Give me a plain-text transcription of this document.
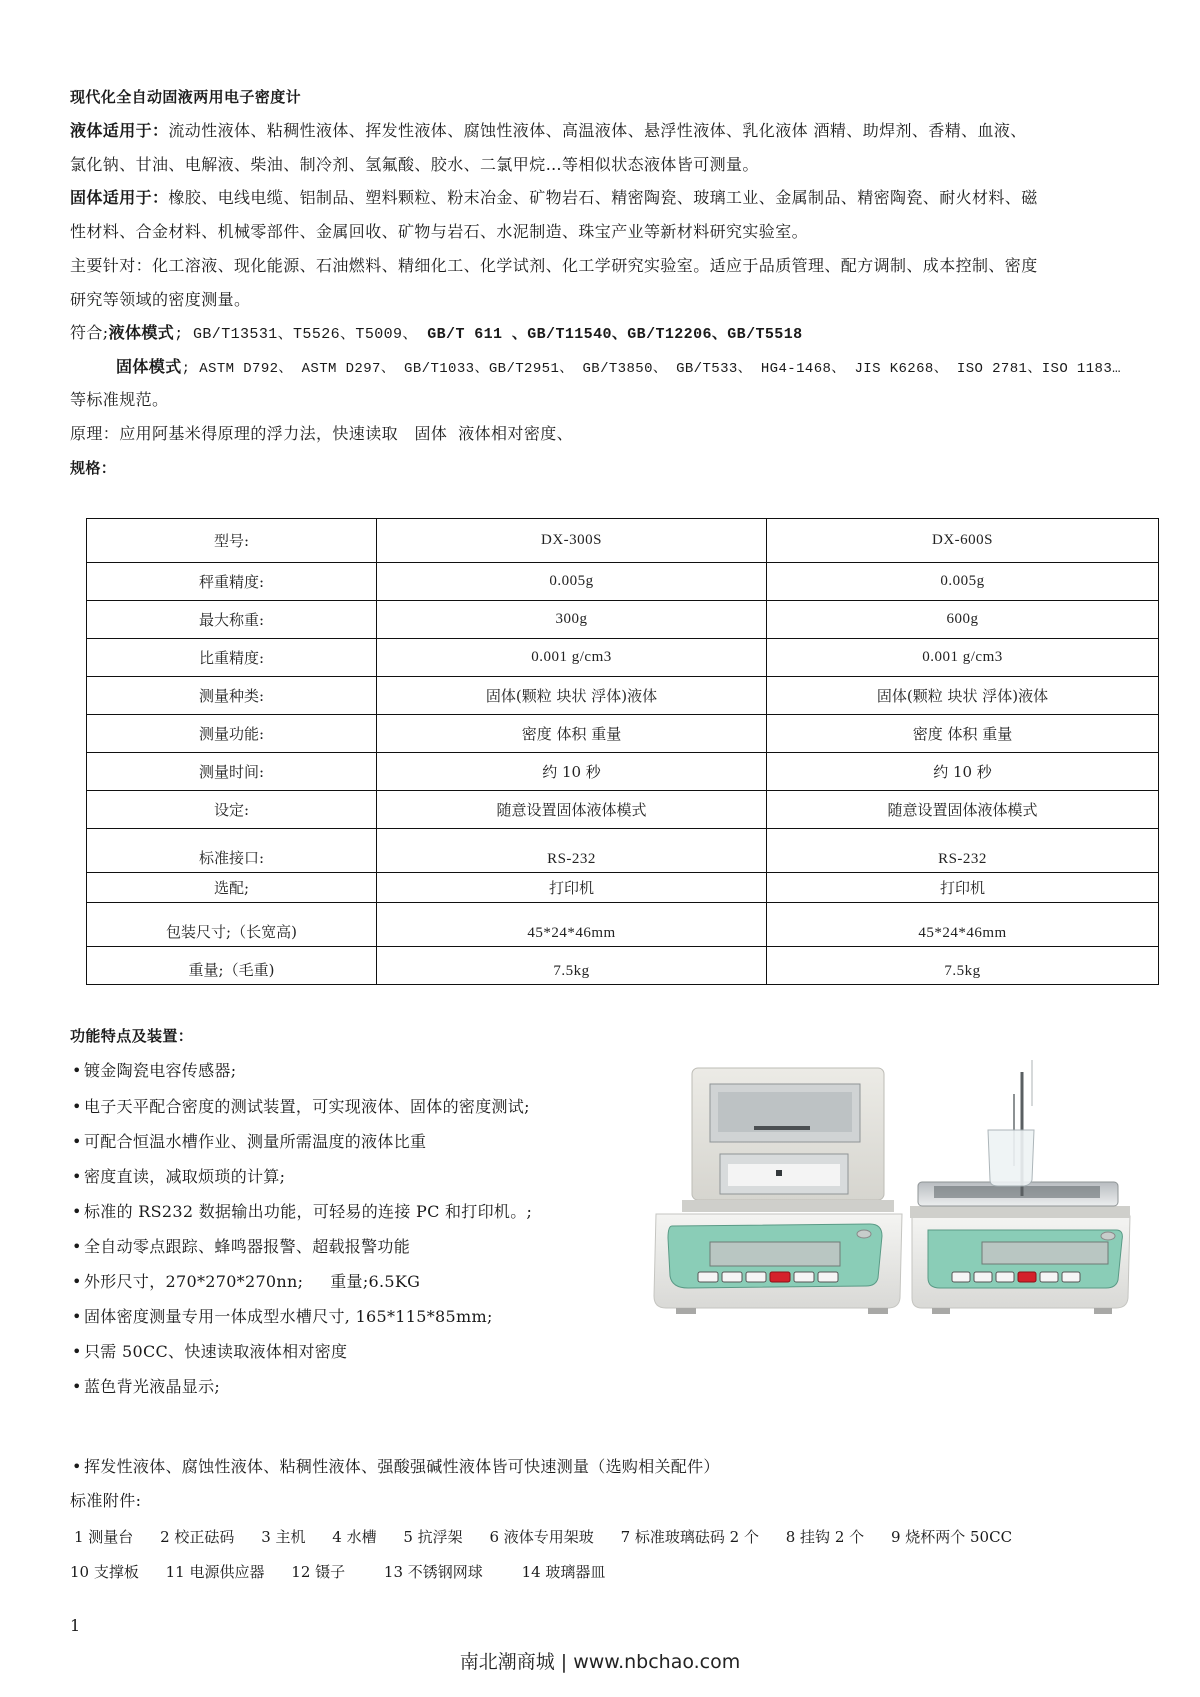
现代化全自动固液两用电子密度计
液体适用于：流动性液体、粘稠性液体、挥发性液体、腐蚀性液体、高温液体、悬浮性液体、乳化液体 酒精、助焊剂、香精、血液、
氯化钠、甘油、电解液、柴油、制冷剂、氢氟酸、胶水、二氯甲烷…等相似状态液体皆可测量。
固体适用于：橡胶、电线电缆、铝制品、塑料颗粒、粉末冶金、矿物岩石、精密陶瓷、玻璃工业、金属制品、精密陶瓷、耐火材料、磁
性材料、合金材料、机械零部件、金属回收、矿物与岩石、水泥制造、珠宝产业等新材料研究实验室。
主要针对：化工溶液、现化能源、石油燃料、精细化工、化学试剂、化工学研究实验室。适应于品质管理、配方调制、成本控制、密度
研究等领域的密度测量。
符合;液体模式; GB/T13531、T5526、T5009、 GB/T 611 、GB/T11540、GB/T12206、GB/T5518
固体模式; ASTM D792、 ASTM D297、 GB/T1033、GB/T2951、 GB/T3850、 GB/T533、 HG4-1468、 JIS K6268、 ISO 2781、ISO 1183…
等标准规范。
原理：应用阿基米得原理的浮力法，快速读取   固体  液体相对密度、
规格：
型号:	DX-300S	DX-600S
秤重精度:	0.005g	0.005g
最大称重:	300g	600g
比重精度:	0.001 g/cm3	0.001 g/cm3
测量种类:	固体(颗粒 块状 浮体)液体	固体(颗粒 块状 浮体)液体
测量功能:	密度 体积 重量	密度 体积 重量
测量时间:	约 10 秒	约 10 秒
设定:	随意设置固体液体模式	随意设置固体液体模式
标准接口:	RS-232	RS-232
选配;	打印机	打印机
包装尺寸;（长宽高)	45*24*46mm	45*24*46mm
重量;（毛重)	7.5kg	7.5kg
功能特点及装置：
• 镀金陶瓷电容传感器;
• 电子天平配合密度的测试装置，可实现液体、固体的密度测试;
• 可配合恒温水槽作业、测量所需温度的液体比重
• 密度直读，减取烦琐的计算;
• 标准的 RS232 数据输出功能，可轻易的连接 PC 和打印机。;
• 全自动零点跟踪、蜂鸣器报警、超载报警功能
• 外形尺寸，270*270*270nn;     重量;6.5KG
• 固体密度测量专用一体成型水槽尺寸, 165*115*85mm;
• 只需 50CC、快速读取液体相对密度
• 蓝色背光液晶显示;
• 挥发性液体、腐蚀性液体、粘稠性液体、强酸强碱性液体皆可快速测量（选购相关配件）
标准附件:
1 测量台 2 校正砝码 3 主机 4 水槽 5 抗浮架 6 液体专用架玻 7 标准玻璃砝码 2 个 8 挂钩 2 个 9 烧杯两个 50CC
10 支撑板 11 电源供应器 12 镊子	13 不锈钢网球	14 玻璃器皿
1
南北潮商城 | www.nbchao.com
